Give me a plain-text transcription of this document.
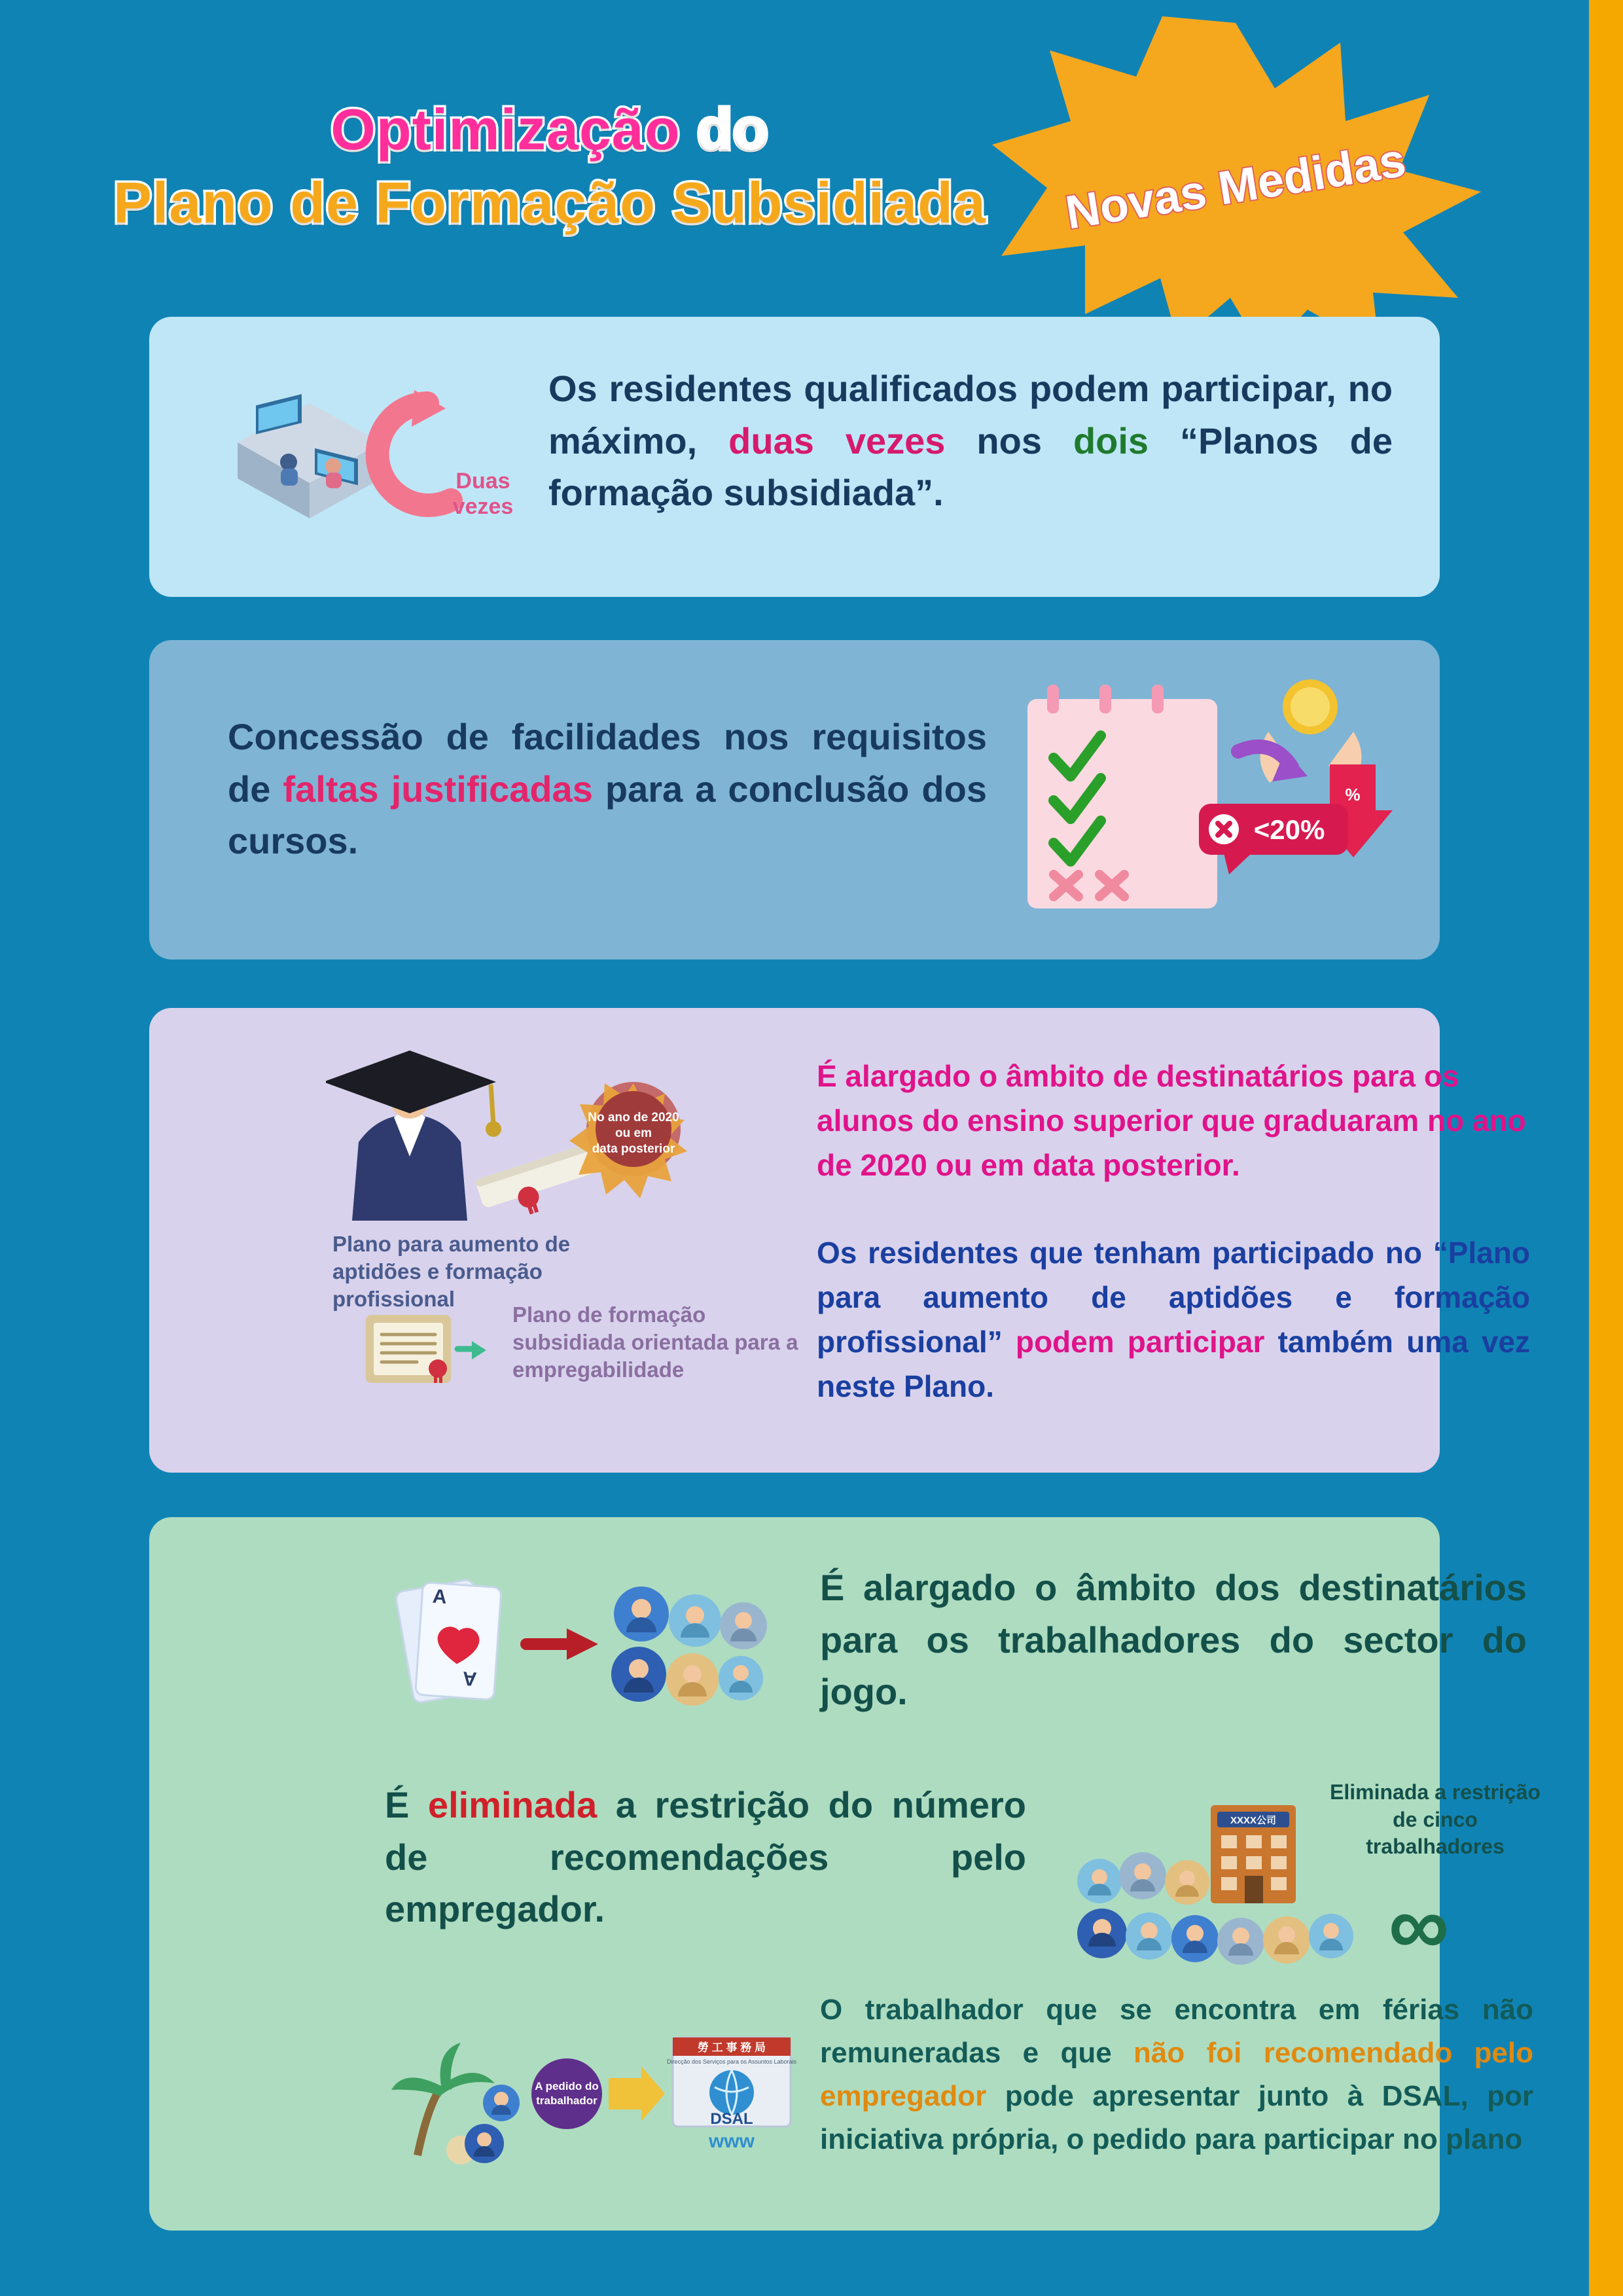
Novas Medidas
Optimização do
Plano de Formação Subsidiada
Duas
vezes
Os residentes qualificados podem participar, no máximo, duas vezes nos dois “Planos de formação subsidiada”.
Concessão de facilidades nos requisitos de faltas justificadas para a conclusão dos cursos.
%
<20%
No ano de 2020
ou em
data posterior
Plano para aumento de aptidões e formação profissional
Plano de formação subsidiada orientada para a empregabilidade
É alargado o âmbito de destinatários para os alunos do ensino superior que graduaram no ano de 2020 ou em data posterior.
Os residentes que tenham participado no “Plano para aumento de aptidões e formação profissional” podem participar também uma vez neste Plano.
A
A
É alargado o âmbito dos destinatários para os trabalhadores do sector do jogo.
É eliminada a restrição do número de recomendações pelo empregador.
Eliminada a restrição de cinco trabalhadores
XXXX公司
∞
A pedido do
trabalhador
勞 工 事 務 局
Direcção dos Serviços para os Assuntos Laborais
DSAL
www
O trabalhador que se encontra em férias não remuneradas e que não foi recomendado pelo empregador pode apresentar junto à DSAL, por iniciativa própria, o pedido para participar no plano
